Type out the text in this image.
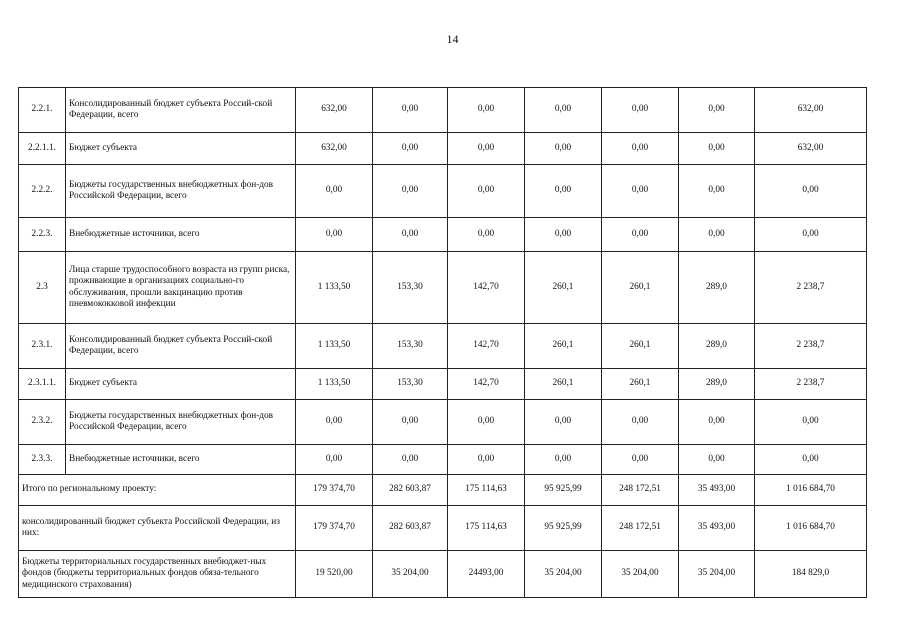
14
2.2.1.	Консолидированный бюджет субъекта Россий-ской Федерации, всего	632,00	0,00	0,00	0,00	0,00	0,00	632,00
2.2.1.1.	Бюджет субъекта	632,00	0,00	0,00	0,00	0,00	0,00	632,00
2.2.2.	Бюджеты государственных внебюджетных фон-дов Российской Федерации, всего	0,00	0,00	0,00	0,00	0,00	0,00	0,00
2.2.3.	Внебюджетные источники, всего	0,00	0,00	0,00	0,00	0,00	0,00	0,00
2.3	Лица старше трудоспособного возраста из групп риска, проживающие в организациях социально-го обслуживания, прошли вакцинацию против пневмококковой инфекции	1 133,50	153,30	142,70	260,1	260,1	289,0	2 238,7
2.3.1.	Консолидированный бюджет субъекта Россий-ской Федерации, всего	1 133,50	153,30	142,70	260,1	260,1	289,0	2 238,7
2.3.1.1.	Бюджет субъекта	1 133,50	153,30	142,70	260,1	260,1	289,0	2 238,7
2.3.2.	Бюджеты государственных внебюджетных фон-дов Российской Федерации, всего	0,00	0,00	0,00	0,00	0,00	0,00	0,00
2.3.3.	Внебюджетные источники, всего	0,00	0,00	0,00	0,00	0,00	0,00	0,00
Итого по региональному проекту:		179 374,70	282 603,87	175 114,63	95 925,99	248 172,51	35 493,00	1 016 684,70
консолидированный бюджет субъекта Российской Федерации, из них:		179 374,70	282 603,87	175 114,63	95 925,99	248 172,51	35 493,00	1 016 684,70
Бюджеты территориальных государственных внебюджет-ных фондов (бюджеты территориальных фондов обяза-тельного медицинского страхования)		19 520,00	35 204,00	24493,00	35 204,00	35 204,00	35 204,00	184 829,0
